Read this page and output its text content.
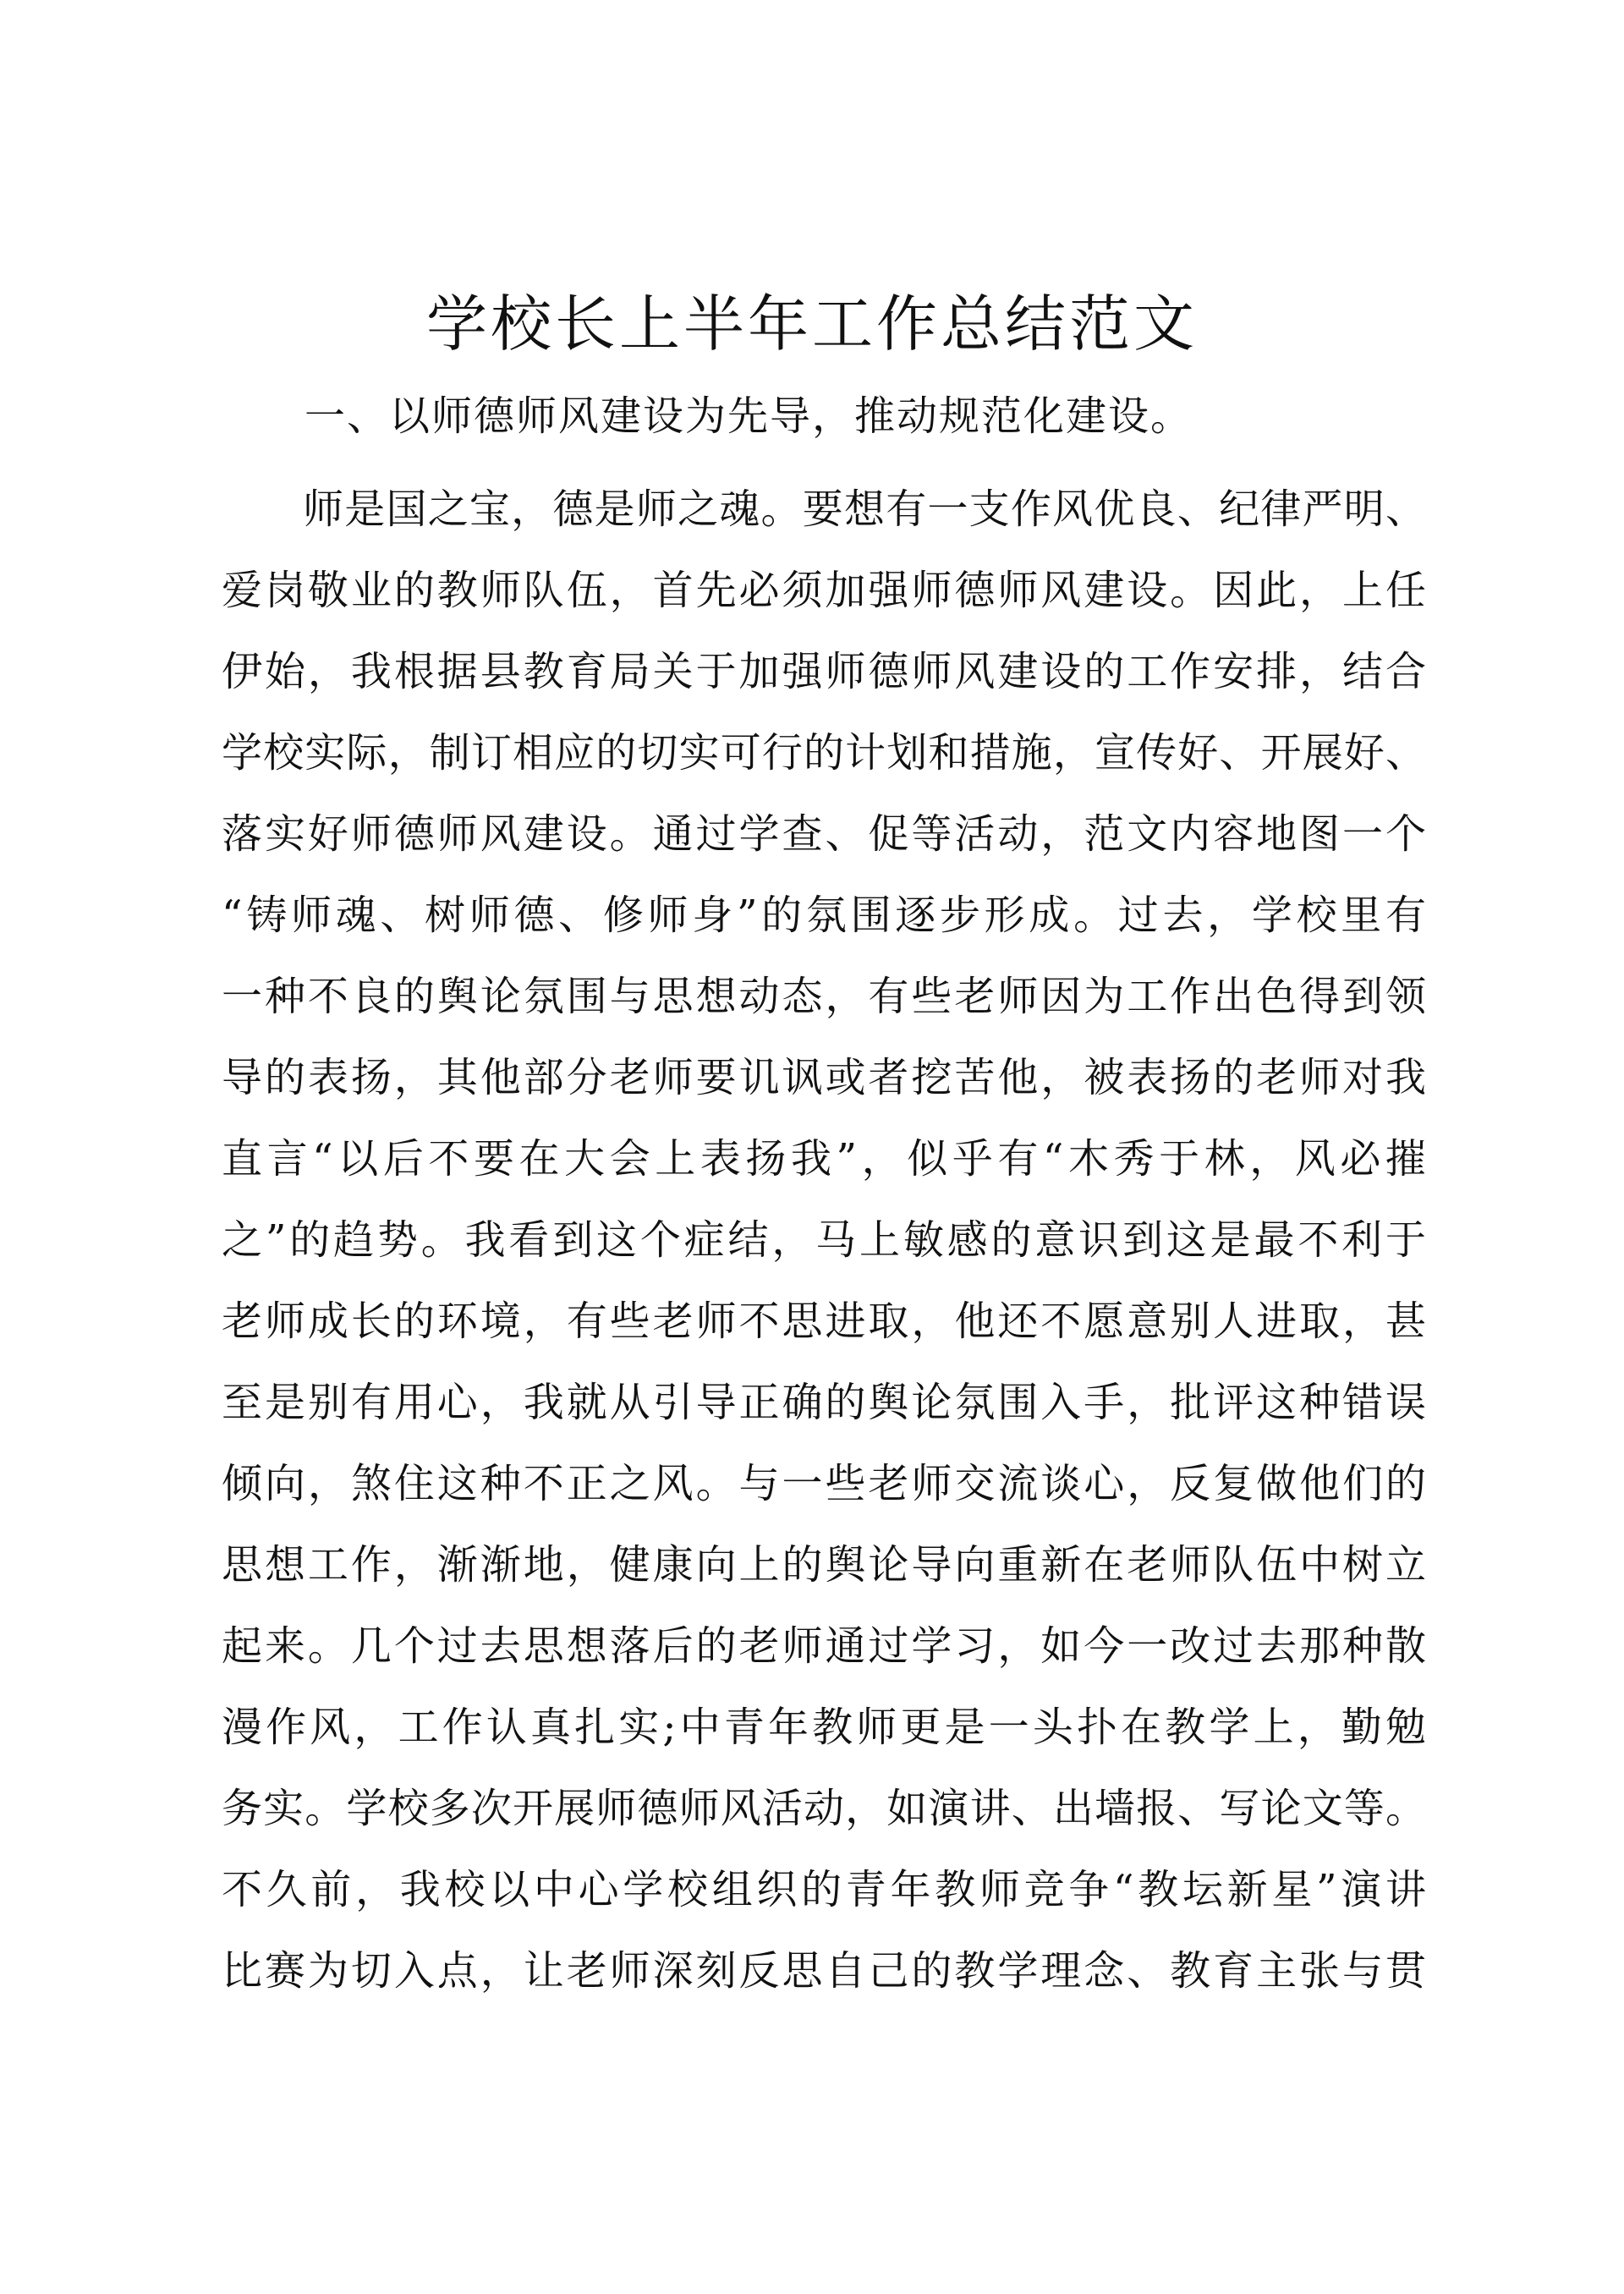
学校长上半年工作总结范文

一、以师德师风建设为先导，推动规范化建设。

师是国之宝，德是师之魂。要想有一支作风优良、纪律严明、
爱岗敬业的教师队伍，首先必须加强师德师风建设。因此，上任
伊始，我根据县教育局关于加强师德师风建设的工作安排，结合
学校实际，制订相应的切实可行的计划和措施，宣传好、开展好、
落实好师德师风建设。通过学查、促等活动，范文内容地图一个
“铸师魂、树师德、修师身”的氛围逐步形成。过去，学校里有
一种不良的舆论氛围与思想动态，有些老师因为工作出色得到领
导的表扬，其他部分老师要讥讽或者挖苦他，被表扬的老师对我
直言“以后不要在大会上表扬我”，似乎有“木秀于林，风必摧
之”的趋势。我看到这个症结，马上敏感的意识到这是最不利于
老师成长的环境，有些老师不思进取，他还不愿意别人进取，甚
至是别有用心，我就从引导正确的舆论氛围入手，批评这种错误
倾向，煞住这种不正之风。与一些老师交流谈心，反复做他们的
思想工作，渐渐地，健康向上的舆论导向重新在老师队伍中树立
起来。几个过去思想落后的老师通过学习，如今一改过去那种散
漫作风，工作认真扎实;中青年教师更是一头扑在教学上，勤勉
务实。学校多次开展师德师风活动，如演讲、出墙报、写论文等。
不久前，我校以中心学校组织的青年教师竞争“教坛新星”演讲
比赛为切入点，让老师深刻反思自己的教学理念、教育主张与贯
